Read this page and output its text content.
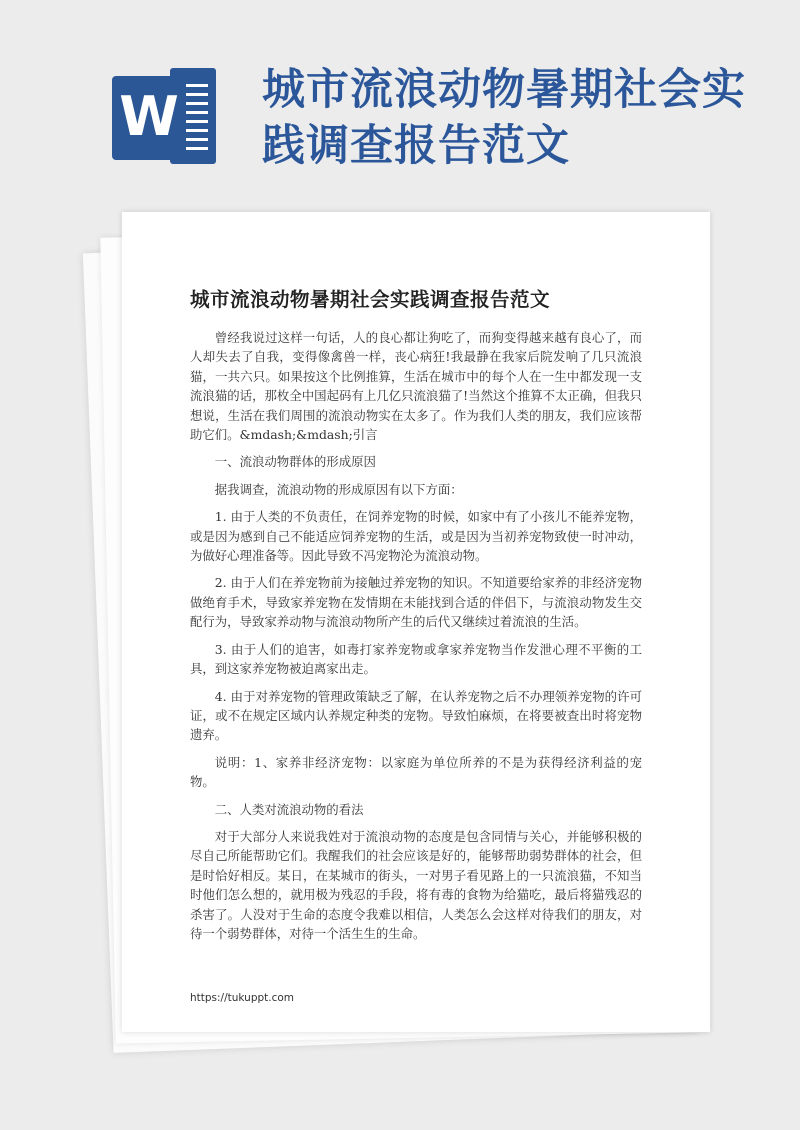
W 城市流浪动物暑期社会实践调查报告范文
城市流浪动物暑期社会实践调查报告范文

曾经我说过这样一句话，人的良心都让狗吃了，而狗变得越来越有良心了，而人却失去了自我，变得像禽兽一样，丧心病狂!我最静在我家后院发响了几只流浪猫，一共六只。如果按这个比例推算，生活在城市中的每个人在一生中都发现一支流浪猫的话，那枚全中国起码有上几亿只流浪猫了!当然这个推算不太正确，但我只想说，生活在我们周围的流浪动物实在太多了。作为我们人类的朋友，我们应该帮助它们。&mdash;&mdash;引言

一、流浪动物群体的形成原因

据我调查，流浪动物的形成原因有以下方面：

1. 由于人类的不负责任，在饲养宠物的时候，如家中有了小孩儿不能养宠物，或是因为感到自己不能适应饲养宠物的生活，或是因为当初养宠物致使一时冲动，为做好心理准备等。因此导致不冯宠物沦为流浪动物。

2. 由于人们在养宠物前为接触过养宠物的知识。不知道要给家养的非经济宠物做绝育手术，导致家养宠物在发情期在未能找到合适的伴侣下，与流浪动物发生交配行为，导致家养动物与流浪动物所产生的后代又继续过着流浪的生活。

3. 由于人们的追害，如毒打家养宠物或拿家养宠物当作发泄心理不平衡的工具，到这家养宠物被迫离家出走。

4. 由于对养宠物的管理政策缺乏了解，在认养宠物之后不办理领养宠物的许可证，或不在规定区域内认养规定种类的宠物。导致怕麻烦，在将要被查出时将宠物遗弃。

说明：1、家养非经济宠物：以家庭为单位所养的不是为获得经济利益的宠物。

二、人类对流浪动物的看法

对于大部分人来说我姓对于流浪动物的态度是包含同情与关心，并能够积极的尽自己所能帮助它们。我醒我们的社会应该是好的，能够帮助弱势群体的社会，但是时恰好相反。某日，在某城市的街头，一对男子看见路上的一只流浪猫，不知当时他们怎么想的，就用极为残忍的手段，将有毒的食物为给猫吃，最后将猫残忍的杀害了。人没对于生命的态度令我难以相信，人类怎么会这样对待我们的朋友，对待一个弱势群体，对待一个活生生的生命。

https://tukuppt.com
